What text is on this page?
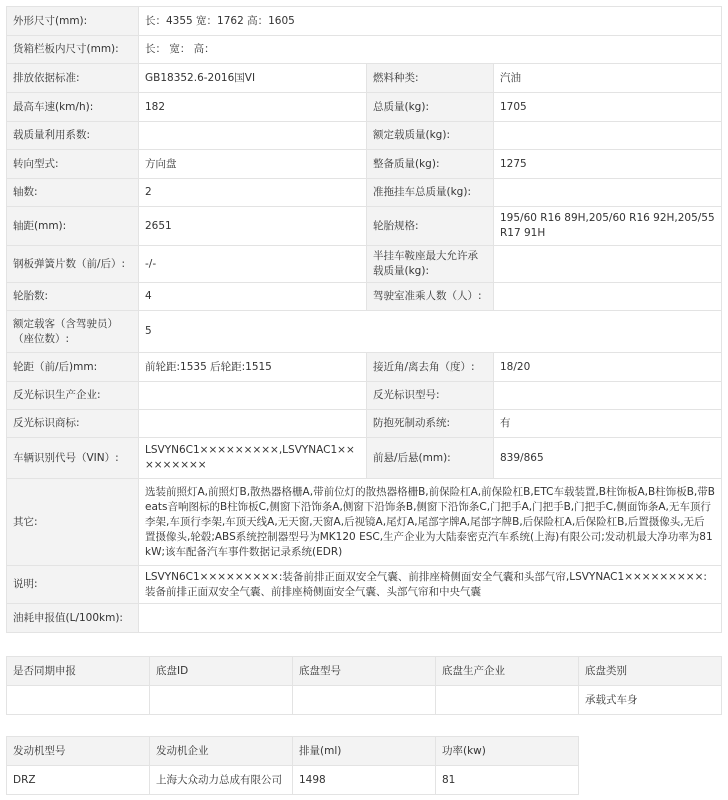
外形尺寸(mm):	长：4355 宽：1762 高：1605		
货箱栏板内尺寸(mm):	长： 宽： 高：		
排放依据标准:	GB18352.6-2016国VI	燃料种类:	汽油
最高车速(km/h):	182	总质量(kg):	1705
载质量利用系数:		额定载质量(kg):	
转向型式:	方向盘	整备质量(kg):	1275
轴数:	2	准拖挂车总质量(kg):	
轴距(mm):	2651	轮胎规格:	195/60 R16 89H,205/60 R16 92H,205/55 R17 91H
钢板弹簧片数（前/后）:	-/-	半挂车鞍座最大允许承载质量(kg):	
轮胎数:	4	驾驶室准乘人数（人）:	
额定载客（含驾驶员）（座位数）:	5		
轮距（前/后)mm:	前轮距:1535 后轮距:1515	接近角/离去角（度）:	18/20
反光标识生产企业:		反光标识型号:	
反光标识商标:		防抱死制动系统:	有
车辆识别代号（VIN）:	LSVYN6C1×××××××××,LSVYNAC1×××××××××	前悬/后悬(mm):	839/865
其它:	选装前照灯A,前照灯B,散热器格栅A,带前位灯的散热器格栅B,前保险杠A,前保险杠B,ETC车载装置,B柱饰板A,B柱饰板B,带Beats音响图标的B柱饰板C,侧窗下沿饰条A,侧窗下沿饰条B,侧窗下沿饰条C,门把手A,门把手B,门把手C,侧面饰条A,无车顶行李架,车顶行李架,车顶天线A,无天窗,天窗A,后视镜A,尾灯A,尾部字牌A,尾部字牌B,后保险杠A,后保险杠B,后置摄像头,无后置摄像头,轮毂;ABS系统控制器型号为MK120 ESC,生产企业为大陆泰密克汽车系统(上海)有限公司;发动机最大净功率为81kW;该车配备汽车事件数据记录系统(EDR)		
说明:	LSVYN6C1×××××××××:装备前排正面双安全气囊、前排座椅侧面安全气囊和头部气帘,LSVYNAC1×××××××××:装备前排正面双安全气囊、前排座椅侧面安全气囊、头部气帘和中央气囊		
油耗申报值(L/100km):			
是否同期申报	底盘ID	底盘型号	底盘生产企业	底盘类别
				承载式车身
发动机型号	发动机企业	排量(ml)	功率(kw)
DRZ	上海大众动力总成有限公司	1498	81
